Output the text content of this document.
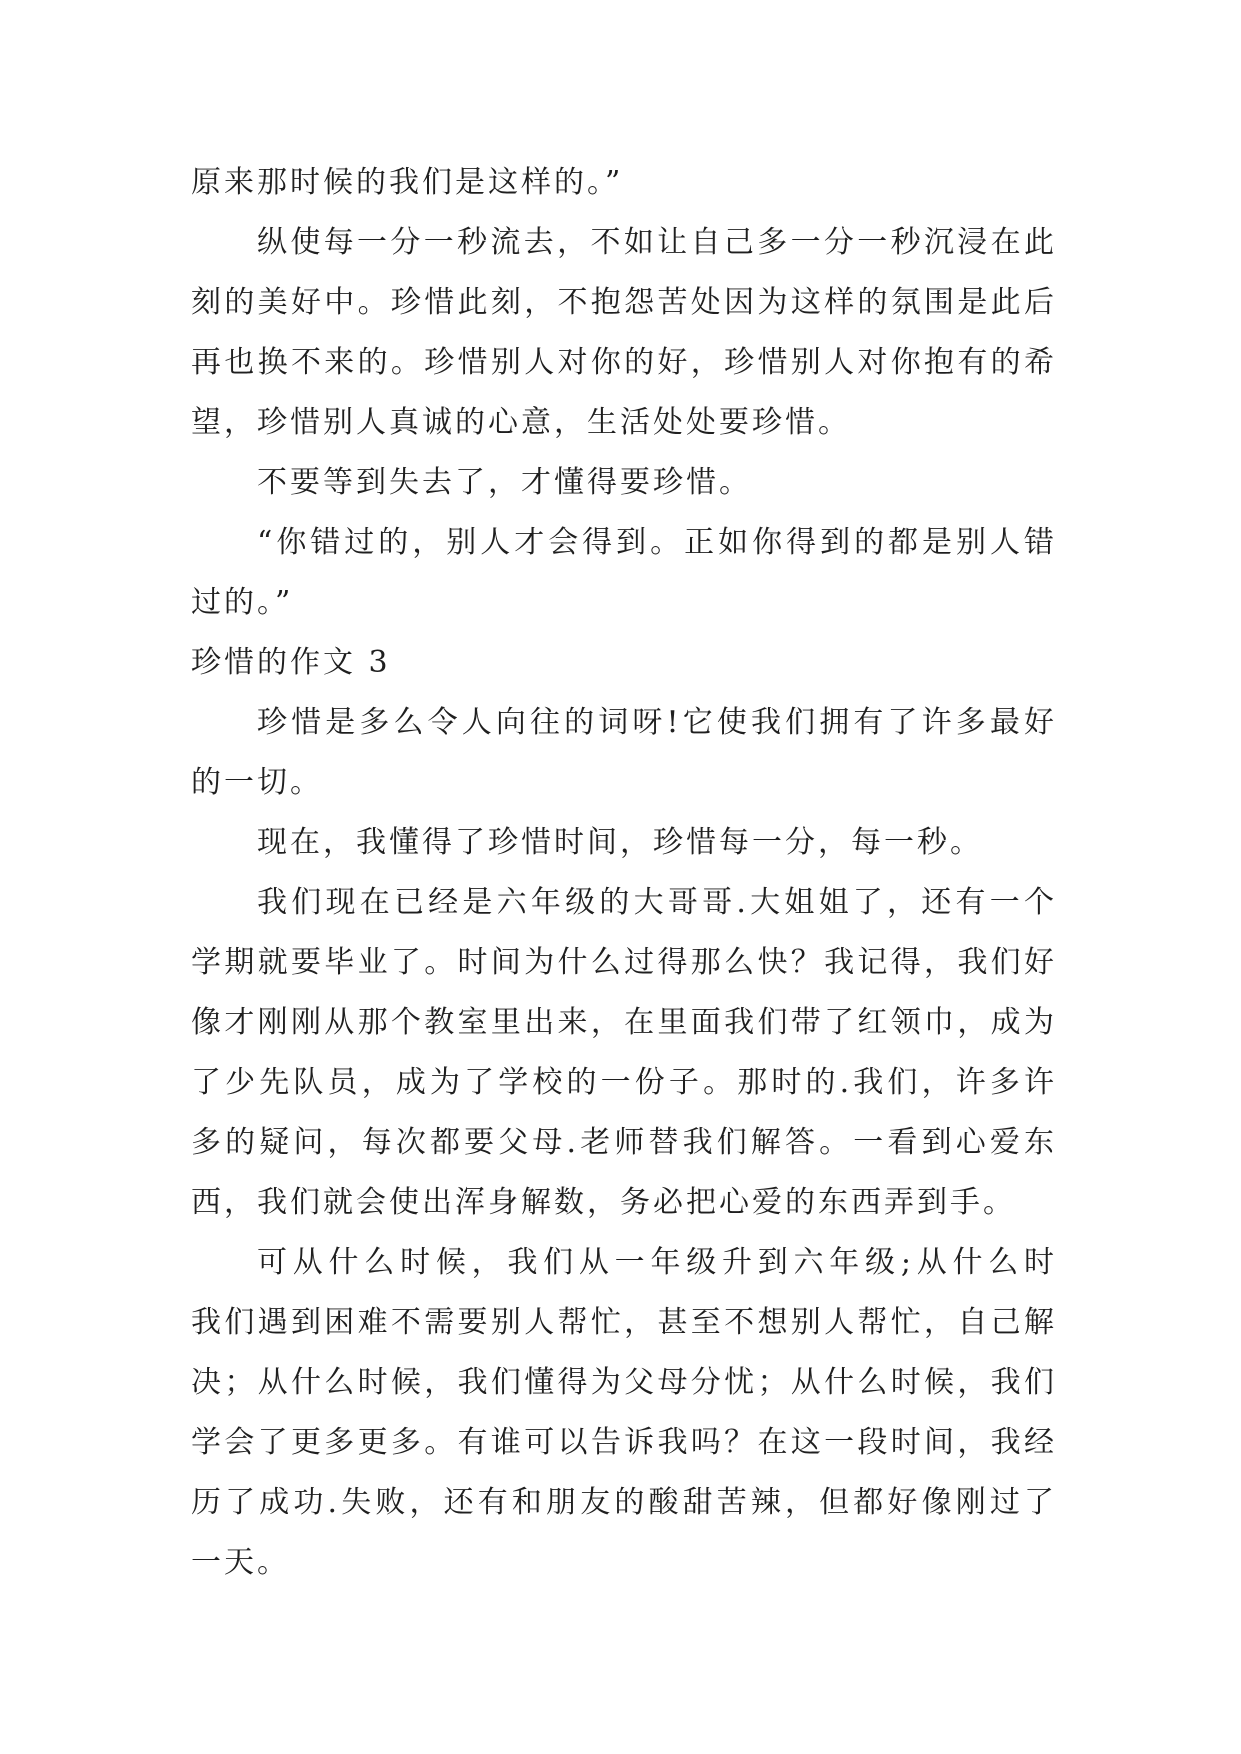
原来那时候的我们是这样的。”
纵使每一分一秒流去，不如让自己多一分一秒沉浸在此
刻的美好中。珍惜此刻，不抱怨苦处因为这样的氛围是此后
再也换不来的。珍惜别人对你的好，珍惜别人对你抱有的希
望，珍惜别人真诚的心意，生活处处要珍惜。
不要等到失去了，才懂得要珍惜。
“你错过的，别人才会得到。正如你得到的都是别人错
过的。”
珍惜的作文 3
珍惜是多么令人向往的词呀!它使我们拥有了许多最好
的一切。
现在，我懂得了珍惜时间，珍惜每一分，每一秒。
我们现在已经是六年级的大哥哥.大姐姐了，还有一个
学期就要毕业了。时间为什么过得那么快？我记得，我们好
像才刚刚从那个教室里出来，在里面我们带了红领巾，成为
了少先队员，成为了学校的一份子。那时的.我们，许多许
多的疑问，每次都要父母.老师替我们解答。一看到心爱东
西，我们就会使出浑身解数，务必把心爱的东西弄到手。
可从什么时候，我们从一年级升到六年级;从什么时
我们遇到困难不需要别人帮忙，甚至不想别人帮忙，自己解
决；从什么时候，我们懂得为父母分忧；从什么时候，我们
学会了更多更多。有谁可以告诉我吗？在这一段时间，我经
历了成功.失败，还有和朋友的酸甜苦辣，但都好像刚过了
一天。
